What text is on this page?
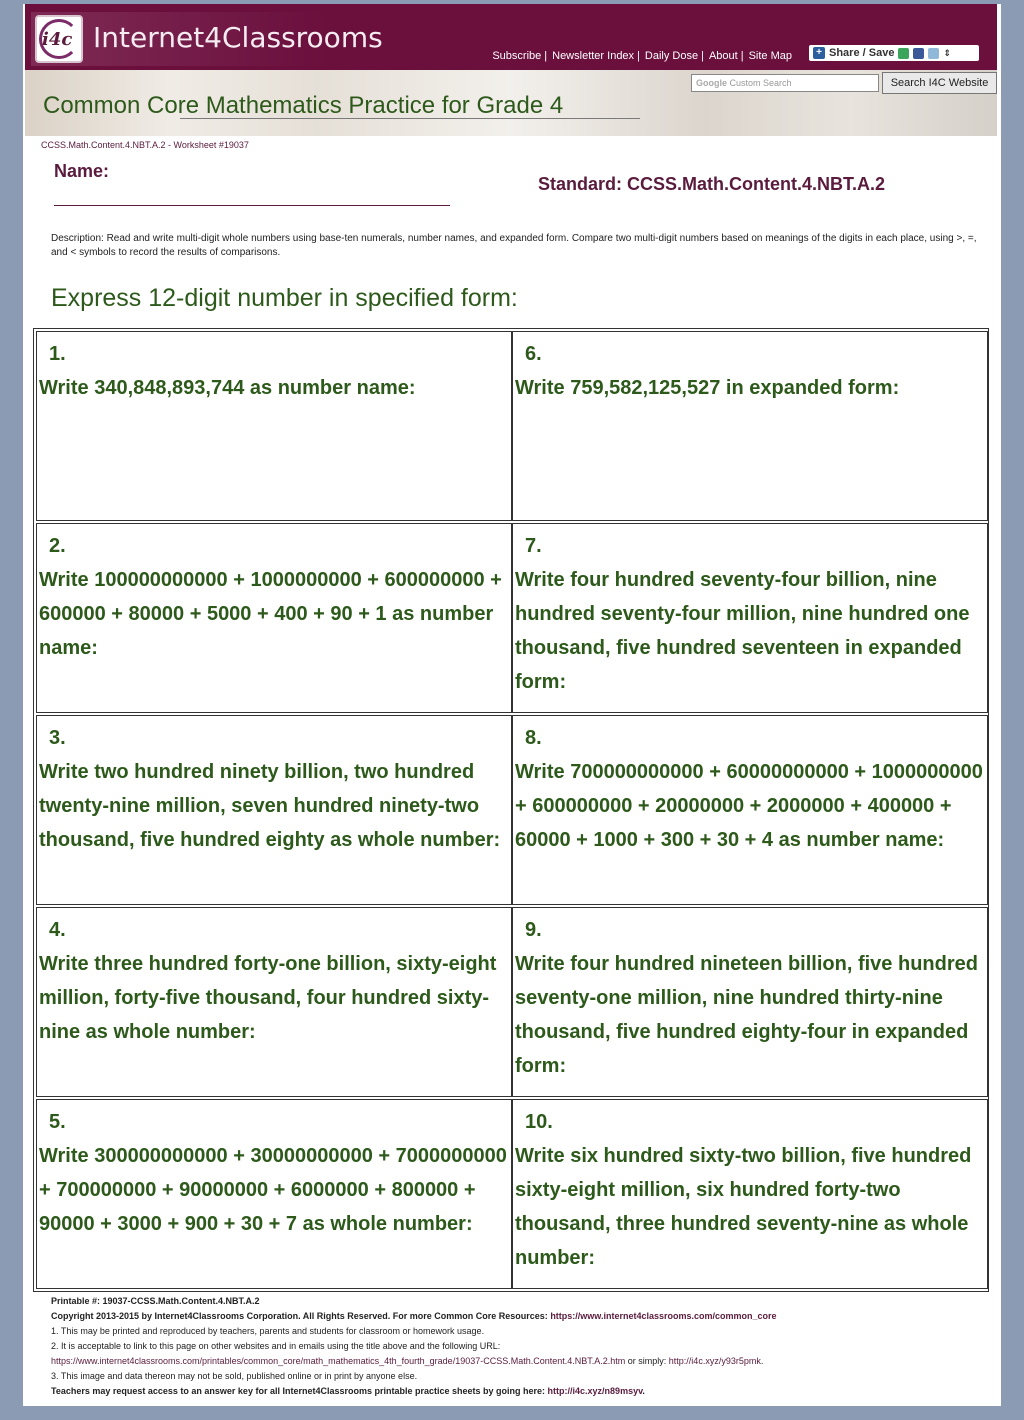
i4c Internet4Classrooms
Subscribe | Newsletter Index | Daily Dose | About | Site Map	+ Share / Save	⇕
Google Custom Search	Search I4C Website
Common Core Mathematics Practice for Grade 4
CCSS.Math.Content.4.NBT.A.2 - Worksheet #19037
Name:
Standard: CCSS.Math.Content.4.NBT.A.2
Description: Read and write multi-digit whole numbers using base-ten numerals, number names, and expanded form. Compare two multi-digit numbers based on meanings of the digits in each place, using >, =, and < symbols to record the results of comparisons.
Express 12-digit number in specified form:
1.
Write 340,848,893,744 as number name:
6.
Write 759,582,125,527 in expanded form:
2.
Write 100000000000 + 1000000000 + 600000000 + 600000 + 80000 + 5000 + 400 + 90 + 1 as number name:
7.
Write four hundred seventy-four billion, nine hundred seventy-four million, nine hundred one thousand, five hundred seventeen in expanded form:
3.
Write two hundred ninety billion, two hundred twenty-nine million, seven hundred ninety-two thousand, five hundred eighty as whole number:
8.
Write 700000000000 + 60000000000 + 1000000000 + 600000000 + 20000000 + 2000000 + 400000 + 60000 + 1000 + 300 + 30 + 4 as number name:
4.
Write three hundred forty-one billion, sixty-eight million, forty-five thousand, four hundred sixty-nine as whole number:
9.
Write four hundred nineteen billion, five hundred seventy-one million, nine hundred thirty-nine thousand, five hundred eighty-four in expanded form:
5.
Write 300000000000 + 30000000000 + 7000000000 + 700000000 + 90000000 + 6000000 + 800000 + 90000 + 3000 + 900 + 30 + 7 as whole number:
10.
Write six hundred sixty-two billion, five hundred sixty-eight million, six hundred forty-two thousand, three hundred seventy-nine as whole number:
Printable #: 19037-CCSS.Math.Content.4.NBT.A.2
Copyright 2013-2015 by Internet4Classrooms Corporation. All Rights Reserved. For more Common Core Resources: https://www.internet4classrooms.com/common_core
1. This may be printed and reproduced by teachers, parents and students for classroom or homework usage.
2. It is acceptable to link to this page on other websites and in emails using the title above and the following URL:
https://www.internet4classrooms.com/printables/common_core/math_mathematics_4th_fourth_grade/19037-CCSS.Math.Content.4.NBT.A.2.htm or simply: http://i4c.xyz/y93r5pmk.
3. This image and data thereon may not be sold, published online or in print by anyone else.
Teachers may request access to an answer key for all Internet4Classrooms printable practice sheets by going here: http://i4c.xyz/n89msyv.
